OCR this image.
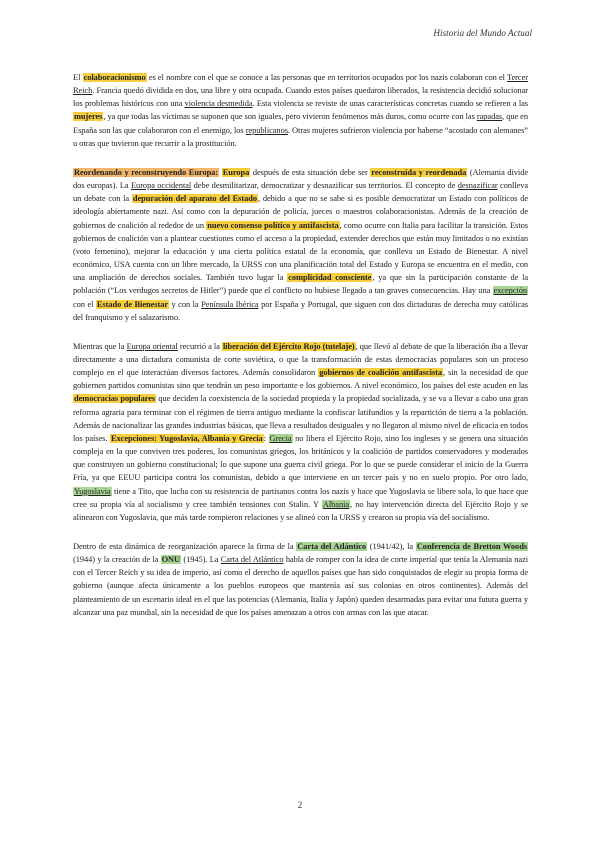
Historia del Mundo Actual

El colaboracionismo es el nombre con el que se conoce a las personas que en territorios ocupados por los nazis colaboran con el Tercer Reich. Francia quedó dividida en dos, una libre y otra ocupada. Cuando estos países quedaron liberados, la resistencia decidió solucionar los problemas históricos con una violencia desmedida. Esta violencia se reviste de unas características concretas cuando se refieren a las mujeres, ya que todas las víctimas se suponen que son iguales, pero vivieron fenómenos más duros, como ocurre con las rapadas, que en España son las que colaboraron con el enemigo, los republicanos. Otras mujeres sufrieron violencia por haberse “acostado con alemanes” u otras que tuvieron que recurrir a la prostitución.

Reordenando y reconstruyendo Europa: Europa después de esta situación debe ser reconstruida y reordenada (Alemania divide dos europas). La Europa occidental debe desmilitarizar, democratizar y desnazificar sus territorios. El concepto de desnazificar conlleva un debate con la depuración del aparato del Estado, debido a que no se sabe si es posible democratizar un Estado con políticos de ideología abiertamente nazi. Así como con la depuración de policía, jueces o maestros colaboracionistas. Además de la creación de gobiernos de coalición al rededor de un nuevo consenso político y antifascista, como ocurre con Italia para facilitar la transición. Estos gobiernos de coalición van a plantear cuestiones como el acceso a la propiedad, extender derechos que están muy limitados o no existían (voto femenino), mejorar la educación y una cierta política estatal de la economía, que conlleva un Estado de Bienestar. A nivel económico, USA cuenta con un libre mercado, la URSS con una planificación total del Estado y Europa se encuentra en el medio, con una ampliación de derechos sociales. También tuvo lugar la complicidad consciente, ya que sin la participación constante de la población (“Los verdugos secretos de Hitler”) puede que el conflicto no hubiese llegado a tan graves consecuencias. Hay una excepción con el Estado de Bienestar y con la Península Ibérica por España y Portugal, que siguen con dos dictaduras de derecha muy católicas del franquismo y el salazarismo.

Mientras que la Europa oriental recurrió a la liberación del Ejército Rojo (tutelaje), que llevó al debate de que la liberación iba a llevar directamente a una dictadura comunista de corte soviética, o que la transformación de estas democracias populares son un proceso complejo en el que interactúan diversos factores. Además consolidaron gobiernos de coalición antifascista, sin la necesidad de que gobiernen partidos comunistas sino que tendrán un peso importante e los gobiernos. A nivel económico, los países del este acuden en las democracias populares que deciden la coexistencia de la sociedad propieda y la propiedad socializada, y se va a llevar a cabo una gran reforma agraria para terminar con el régimen de tierra antiguo mediante la confiscar latifundios y la repartición de tierra a la población. Además de nacionalizar las grandes industrias básicas, que lleva a resultados desiguales y no llegaron al mismo nivel de eficacia en todos los países. Excepciones: Yugoslavia, Albania y Grecia: Grecia no libera el Ejército Rojo, sino los ingleses y se genera una situación compleja en la que conviven tres poderes, los comunistas griegos, los británicos y la coalición de partidos conservadores y moderados que construyen un gobierno constitucional; lo que supone una guerra civil griega. Por lo que se puede considerar el inicio de la Guerra Fría, ya que EEUU participa contra los comunistas, debido a que interviene en un tercer país y no en suelo propio. Por otro lado, Yugoslavia tiene a Tito, que lucha con su resistencia de partisanos contra los nazis y hace que Yugoslavia se libere sola, lo que hace que cree su propia vía al socialismo y cree también tensiones con Stalin. Y Albania, no hay intervención directa del Ejército Rojo y se alinearon con Yugoslavia, que más tarde rompieron relaciones y se alineó con la URSS y crearon su propia vía del socialismo.

Dentro de esta dinámica de reorganización aparece la firma de la Carta del Atlántico (1941/42), la Conferencia de Bretton Woods (1944) y la creación de la ONU (1945). La Carta del Atlántico habla de romper con la idea de corte imperial que tenía la Alemania nazi con el Tercer Reich y su idea de imperio, así como el derecho de aquellos países que han sido conquistados de elegir su propia forma de gobierno (aunque afecta únicamente a los pueblos europeos que mantenía así sus colonias en otros continentes). Además del planteamiento de un escenario ideal en el que las potencias (Alemania, Italia y Japón) queden desarmadas para evitar una futura guerra y alcanzar una paz mundial, sin la necesidad de que los países amenazan a otros con armas con las que atacar.

2
